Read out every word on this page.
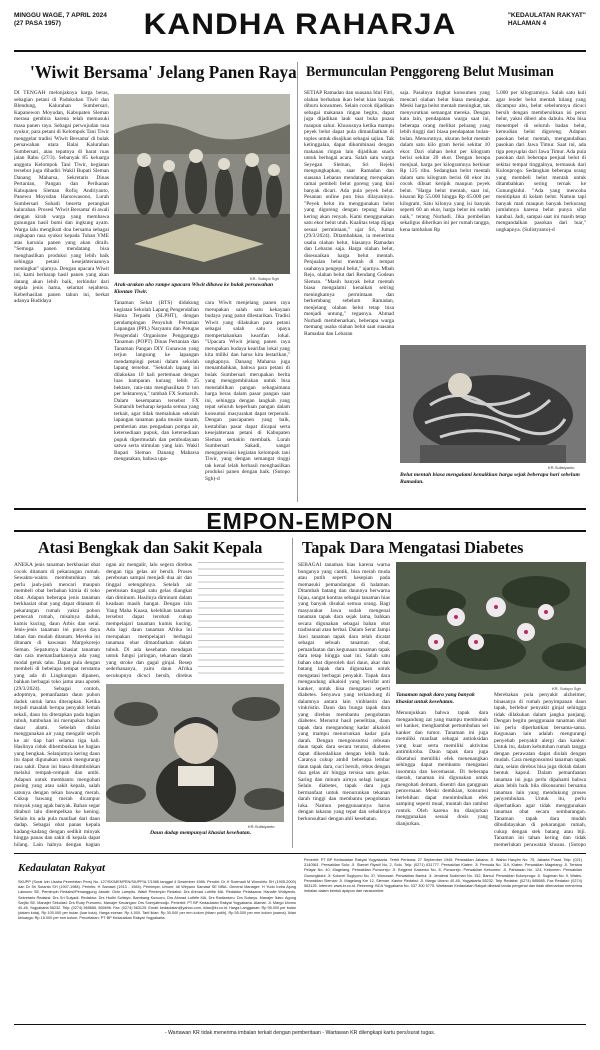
MINGGU WAGE, 7 APRIL 2024
(27 PASA 1957)	KANDHA RAHARJA	"KEDAULATAN RAKYAT"
HALAMAN 4
'Wiwit Bersama' Jelang Panen Raya
DI TENGAH melonjaknya harga beras, sebagian petani di Padukuhan Tiwir dan Blendung, Kalurahan Sumbersari, Kapanewon Moyudan, Kabupaten Sleman merasa gembira karena telah memasuki masa panen raya. Sebagai perwujudan rasa syukur, para petani di Kelompok Tani Tiwir menggelar tradisi 'Wiwit Bersama' di bulak persawahan utara Balai Kalurahan Sumbersari, atau tepatnya di barat ruas jalan Rabu (27/3). Sebanyak 85 keluarga anggota Kelompok Tani Tiwir, kegiatan tersebut juga dihadiri Wakil Bupati Sleman Danang Maharsa, Sekretaris Dinas Pertanian, Pangan dan Perikanan Kabupaten Sleman Rofiq Andriyanto, Panewu Moyudan Harsowasono, Lurah Sumbersari Suhadi beserta perangkat kalurahan. Prosesi 'Wiwit Bersama' di awali dengan kirab warga yang membawa gunungan hasil bumi dan ingkung ayam. Warga lalu mengikuti doa bersama sebagai ungkapan rasa syukur kepada Tuhan YME atas karunia panen yang akan diraih. "Semoga panen mendatang bisa menghasilkan produksi yang lebih baik sehingga petani kesejahteraannya meningkat" ujarnya. Dengan upacara Wiwit ini, kami berharap hasil panen yang akan datang akan lebih baik, terhindar dari segala jenis hama, selamat sejahtera. Keberhasilan panen tahun ini, berkat adanya Budidaya
KR- Sutopo Sgh
Arak-arakan ubo rampe upacara Wiwit dibawa ke bulak persawahan Klontan Tiwir.
Tanaman Sehat (BTS) didukung kegiatan Sekolah Lapang Pengendalian Hama Terpadu (SLPHT), dengan pendampingan Penyuluh Pertanian Lapangan (PPL) Naryanto dan Petugas Pengendali Organisme Pengganggu Tanaman (POPT) Dinas Pertanian dan Tanaman Pangan DIY Gunawan yang terjun langsung ke lapangan mendampingi petani dalam sekolah lapang tersebut. "Sekolah lapang ini dilakukan 10 kali pertemuan dengan luas hamparan kurang lebih 25 hektare, rata-rata menghasilkan 9 ton per hektarenya," tambah FX Sumarsih. Dalam kesempatan tersebut FX Sumarsih berharap kepada semua yang terkait, agar tidak memalukan sekolah lapangan tanaman pada musim tanam, pemberian atas pengadaan pompa air, ketersediaan pupuk, dan ketersediaan pupuk dipermudah dan pembudayaan satwa serta stimulan yang lain. Wakil Bupati Sleman Danang Maharsa mengatakan, bahwa upa-
cara Wiwit menjelang panen raya merupakan salah satu kekayaan budaya yang patut dilestarikan. Tradisi Wiwit yang dilakukan para petani sebagai salah satu upaya mempertahankan kearifan lokal. "Upacara Wiwit jelang panen raya merupakan budaya kearifan lokal yang kita miliki dan harus kita lestarikan," ungkapnya. Danang Maharsa juga menambahkan, bahwa para petani di bulak Sumbersari merupakan berita yang menggembirakan untuk bisa menstabilkan pangan sebagaimana harga beras dalam pasar pangan saat ini, sehingga dengan langkah yang tepat seluruh keperluan pangan dalam konsumsi masyarakat dapat terpenuhi. Dengan pascapanen yang baik, kestabilan pasar dapat dicapai serta kesejahteraan petani di Kabupaten Sleman semakin membaik. Lurah Sumbersari Sakadi, sangat mengapresiasi kegiatan kelompok tani Tiwir, yang dengan semangat tinggi tak kenal lelah berhasil menghasilkan produksi panen dengan baik. (Sutopo Sgh)-d
Bermunculan Penggoreng Belut Musiman
SETIAP Ramadan dan suasana Idul Fitri, olahan berbahan ikan belut kian banyak diburu konsumen. Selain cocok dijadikan sebagai makanan ringan begitu, dapat juga dijadikan lauk saat buka puasa maupun sahur. Khususnya ketika mampu peyek belut dapat pula dimanfaatkan di toples untuk disajikan sebagai sajian. Tak ketinggalan, dapat dikombinasi dengan makanan ringan lain dijadikan snack untuk berbagai acara. Salah satu warga Seyegan Sleman, Sri Rejeki mengungkapkan, saat Ramadan dan suasana Lebaran mendatang merupakan ramai pembeli belut goreng yang kini banyak dicari. Ada pula peyek belut. Pesanan online pun bisa dilayaninya. "Peyek belut itu menggunakan belut yang digoreng dengan tepung Kalau kering akan renyah. Kami menggunakan satu ekor belut utuh. Kualitas tetap dijaga sesuai permintaan," ujar Sri, Jumat (29/3/2024). Ditambahkan, ia menerima usaha olahan belut, biasanya Ramadan dan Lebaran saja. Harga olahan belut, disesuaikan harga belut mentah. Penjualan belut mentah di tempat usahanya pengepul belut," ujarnya. Mbah Rejo, olahan belut dari Rendang Godean Sleman. "Masih banyak belut mentah biasa mengalami kenaikan seiring meningkatnya permintaan dan berkembang sebelum Ramadan, menjelang olahan belut tetap bisa menjadi untung," tegasnya. Ahmad Nurhadi membenarkan, beberapa warga memang usaha olahan belut saat suasana Ramadan dan Lebaran
saja. Pasalnya tingkat konsumen yang mencari olahan belut biasa meningkat. Meski harga belut mentah meningkat, tak menyurutkan semangat mereka. Dengan kata lain, pendapatan warga saat ini, beberapa orang melihat peluang yang lebih tinggi dari biasa pendapatan bulan-bulan. Menurutnya, ukuran belut mentah dalam satu kilo gram berisi sekitar 10 ekor. Dari olahan belut per kilogram berisi sekitar 20 ekor. Dengan berapa menjual, harga per kilogramnya berkisar Rp 125 ribu. Sedangkan belut mentah dalam satu kilogram berisi 60 ekor itu cocok dibuat keripik maupun peyek belut. "Harga belut mentah, saat ini, kisaran Rp 55.000 hingga Rp 65.000 per kilogram. Satu kilonya yang isi banyak seperti 60 an ekor, harga belut ini sudah naik," terang Nurhadi. Jika pembelian sekaligus diberikan ini per rumah tangga, kena tambahan Rp
5.000 per kilogramnya. Salah satu kuli agar lender belut mentah hilang yang dicampur abu, belut sebelumnya dicuci bersih dengan membersihkan isi perut belut, yakni diberi abu dahulu. Abu bisa menempel di seluruh badan belut, kemudian belut digoreng. Adapun pasokan belut mentah, mengandalkan pasokan dari Jawa Timur. Saat ini, ada tiga penyuplai dari Jawa Timur. Ada pula pasokan dari beberapa penjual belut di sekitar tempat tinggalnya, termasuk dari Kulonprogo. Sedangkan beberapa orang yang membeli belut mentah untuk ditambahkan sering ternak ke Gunungkidul. "Ada yang mencoba menitipkan di kolam belut. Namun tapi banyak mati maupun banyak berkurang jumlahnya karena belut punya sifat kanibal. Jadi, sampai saat ini masih tetap mengandalkan pasokan dari luar," ungkapnya. (Sulistyanto)-d
KR-Sulistyanto
Belut mentah biasa mengalami kenaikkan harga sejak beberapa hari sebelum Ramadan.
EMPON-EMPON
Atasi Bengkak dan Sakit Kepala
ANEKA jenis tanaman berkhasiat obat cocok ditanam di pekarangan rumah. Sewaktu-waktu membutuhkan tak perlu jauh-jauh mencari maupun membeli obat berbahan kimia di toko obat. Adapun beberapa jenis tanaman berkhasiat obat yang dapat ditanam di pekarangan rumah yakni pohon pemecah rumah, misalnya daduk, kumis kucing, daun Arbis dan serai. Jenis-jenis tanaman ini punya daya tahan dan mudah ditanam. Mereka ini ditanam di kawasan Margokorejo Seman. Sepatutnya khasiat tanaman dan cara memanfaatkannya ada yang modal getuk tahu. Dapat pula dengan membeli di beberapa tempat terutama yang ada di Lingkungan dipanen, bahkan berbagai toko jamu atau apotek (29/3/2024). Sebagai contoh, adoptmya, pemanfaatan daun puhon daduk untuk lama diterapkan. Ketika terjadi masalah berupa penyakit lemah sekali, daun itu diterapkan pada bagian tubuh, tumbuhan ini merupakan bahan dasar alami. Sebelah dinilai menggunakan air yang mengalir serpih ke air tiap hari selama tiga kali. Haslinya ciduk dihembuskan ke bagian yang bengkak. Selanjutnya kering daun itu dapat digunakan untuk mengurangi rasa sakit. Daun ini biasa ditumbuhkan melalui rempah-rempah dan umbi. Adapun untuk membantu mengobati pusing yang atau sakit kepala, salah satunya dengan tekan bawang merah. Cukup bawang merah dicampur minyak yang agak banyak. Bahan segar ditaburi lalu ditempelkan ke kening. Selain itu ada pula manfaat dari daun dadap. Sebagai obat panas kepala kadang-kadang dengan sedikit minyak hingga panas dan sakit di kepala dapat hilang. Lain halnya dengan bagian
ngan air mengalir, lalu segera direbus dengan tiga gelas air bersih. Proses perebusan sampai menjadi dua air dan tinggal setengahnya. Setelah air perebusan tinggal satu gelas diangkat dan diminum. Hasilnya diminum dalam keadaan masih hangat. Dengan izin Yang Maha Kuasa, kelebihan tanaman tersebut dapat terobati cukup mempelajari tanaman kumis kucing. Ada lagi daun tanaman Afrika ini merupakan mempelajari berbagai tanaman obat dimanfaatkan dalam tubuh. Di ada kesehatan mendapat untuk fungsi jaringan, tekanan darah yang stroke dan gagal ginjal. Resep sederhananya, yaitu daun Afrika secukupnya dicuci bersih, direbus
KR-Sulistyanto
Daun dadap mempunyai khasiat kesehatan.
Tapak Dara Mengatasi Diabetes
SEBAGAI tanaman hias karena warna bunganya yang cantik, bisa merah muda atau putih seperti kesepian pada memasuki pemandangan di halaman. Ditambah batang dan daunnya berwarna hijau, sangat kontras sebagai tanaman hias yang banyak disukai semua orang. Bagi masyarakat Jawa sudah mengenal tanaman tapak dara sejak lama, bahkan secara digunakan sebagai bahan obat tradisional atau herbal. Dalam Serat Jampi Jawi tanaman tapak dara telah dicatat sebagai sebuah tanaman obat, pemanfaatan dan kegunaan tanaman tapak dara tetap hingga saat ini. Salah satu bahan obat diperoleh dari daun, akar dan batang tapak dara digunakan untuk mengatasi berbagai penyakit. Tapak dara mengandung alkaloid yang bersifat anti kanker, untuk bisa mengatasi seperti diabetes. Senyawa yang terkandung di dalamnya antara lain vinblastin dan vinkristin. Daun dan bunga tapak dara yang direbus membantu pengobatan diabetes. Menurut hasil penelitian, daun tapak dara mengandung kadar alkaloid yang mampu menurunkan kadar gula darah. Dengan mengonsumsi rebusan daun tapak dara secara teratur, diabetes dapat dikendalikan dengan lebih baik. Caranya cukup ambil beberapa lembar daun tapak dara, cuci bersih, rebus dengan dua gelas air hingga tersisa satu gelas. Saring dan minum airnya selagi hangat. Selain diabetes, tapak dara juga bermanfaat untuk menurunkan tekanan darah tinggi dan membantu pengobatan luka. Namun penggunaannya harus dengan takaran yang tepat dan sebaiknya berkonsultasi dengan ahli kesehatan.
KR- Sutopo Sgh
Tanaman tapak dara yang banyak khasiat untuk kesehatan.
Menunjukkan bahwa tapak dara mengandung zat yang mampu membunuh sel kanker, menghambat pertumbuhan sel kanker dan tumor. Tanaman ini juga memiliki manfaat sebagai antioksidan yang kuat serta memiliki aktivitas antimikroba. Daun tapak dara juga diketahui memiliki efek menenangkan sehingga dapat membantu mengatasi insomnia dan kecemasan. Di beberapa daerah, tanaman ini digunakan untuk mengobati demam, disentri dan gangguan pencernaan. Meski demikian, konsumsi berlebihan dapat menimbulkan efek samping seperti mual, muntah dan rambut rontok. Oleh karena itu dianjurkan menggunakan sesuai dosis yang dianjurkan.
Merebakan pola penyakit alzheimer, binasanya di rumah penyimpanan daun tapak, berlebur penyakit ginjal sehingga tidak dilakukan dalam jangka panjang. Dengan begitu penggunaan tanaman obat ini perlu diperhatikan bersama-sama. Kegunaan lain adalah mengurangi penyebab penyakit alergi dan kanker. Untuk itu, dalam kebutuhan rumah tangga dengan perawatan dapat diolah dengan mudah. Cara mengonsumsi tanaman tapak dara, selain direbus bisa juga diolah dalam bentuk kapsul. Dalam pemanfaatan tanaman ini juga perlu dipahami bahwa akan lebih baik bila dikonsumsi bersama tanaman lain yang mendukung proses penyembuhan. Untuk itu, perlu diperhatikan agar tidak menggunakan tanaman obat secara sembarangan. Tanaman tapak dara mudah dibudidayakan di pekarangan rumah, cukup dengan stek batang atau biji. Tanaman ini tahan kering dan tidak memerlukan perawatan khusus. (Sutopo
Kedaulatan Rakyat
SKUPP (Surat Izin Usaha Penerbitan Pers) No. 127/SK/MENPEN/SIUPP/A.7/1986 tanggal 4 Desember 1986. Pendiri: Dr H Soemadi M Wonohito SH (1905-2000) dan Dr Sri Sutanto SH (1907-1988). Perintis: H Samawi (1913 - 1984). Pemimpin Umum: Idi Wiryano Samawi SE MBA. General Manager: H Yudo Indra Ajung Laksono SE. Pemimpin Redaksi/Penanggung Jawab: Octo Lampito. Wakil Pemimpin Redaksi: Drs Ahmad Luthfie MA. Redaktur Pelaksana: Hanafie Widiyanto. Sekretaris Redaksi: Drs Sri Sulyadi. Redaktur: Drs Hudhi Sulistyo, Bambang Kuncoro, Drs Ahmad Luthfie MA, Drs Radiantoro, Drs Sutaryo. Manajer Iklan: Agung Sarjito SE. Manajer Sirkulasi: Drs Rudy Purnomo. Manajer Keuangan: Drs Soeryatmodjo. Penerbit: PT BP Kedaulatan Rakyat Yogyakarta. Alamat: Jl. Margo Utomo 40-46, Yogyakarta 55232. Telp: (0274) 565685, 565696. Fax: (0274) 563125. Email: kedaulatan@yahoo.com, iklan@kr.co.id. Harga Langganan: Rp 95.000 per bulan (dalam kota), Rp 100.000 per bulan (luar kota). Harga eceran: Rp 4.000. Tarif iklan: Rp 30.000 per mm kolom (hitam putih), Rp 55.000 per mm kolom (warna). Iklan keluarga: Rp 15.000 per mm kolom. Percetakan: PT BP Kedaulatan Rakyat Yogyakarta.
Penerbit: PT BP Kedaulatan Rakyat Yogyakarta. Terbit Pertama: 27 September 1945. Perwakilan Jakarta: Jl. Wahid Hasyim No. 75, Jakarta Pusat. Telp: (021) 3140561. Perwakilan Solo: Jl. Slamet Riyadi No. 2, Solo. Telp: (0271) 631777. Perwakilan Klaten: Jl. Pemuda No. 119, Klaten. Perwakilan Magelang: Jl. Tentara Pelajar No. 40, Magelang. Perwakilan Purworejo: Jl. Brigjend Katamso No. 8, Purworejo. Perwakilan Kebumen: Jl. Pahlawan No. 124, Kebumen. Perwakilan Gunungkidul: Jl. Kolonel Sugiyono No. 37, Wonosari. Perwakilan Bantul: Jl. Jenderal Sudirman No. 152, Bantul. Perwakilan Kulonprogo: Jl. Sugiman No. 9, Wates. Perwakilan Sleman: Jl. Magelang Km 12, Sleman. Kantor Redaksi: Jl. Margo Utomo 40-46, Yogyakarta 55232. Telp Redaksi: (0274) 565685. Fax Redaksi: (0274) 563125. Internet: www.kr.co.id. Rekening: BCA Yogyakarta No. 037 300 5775. Wartawan Kedaulatan Rakyat dibekali tanda pengenal dan tidak dibenarkan menerima imbalan dalam bentuk apapun dari narasumber.
- Wartawan KR tidak menerima imbalan terkait dengan pemberitaan - Wartawan KR dilengkapi kartu pers/surat tugas.
